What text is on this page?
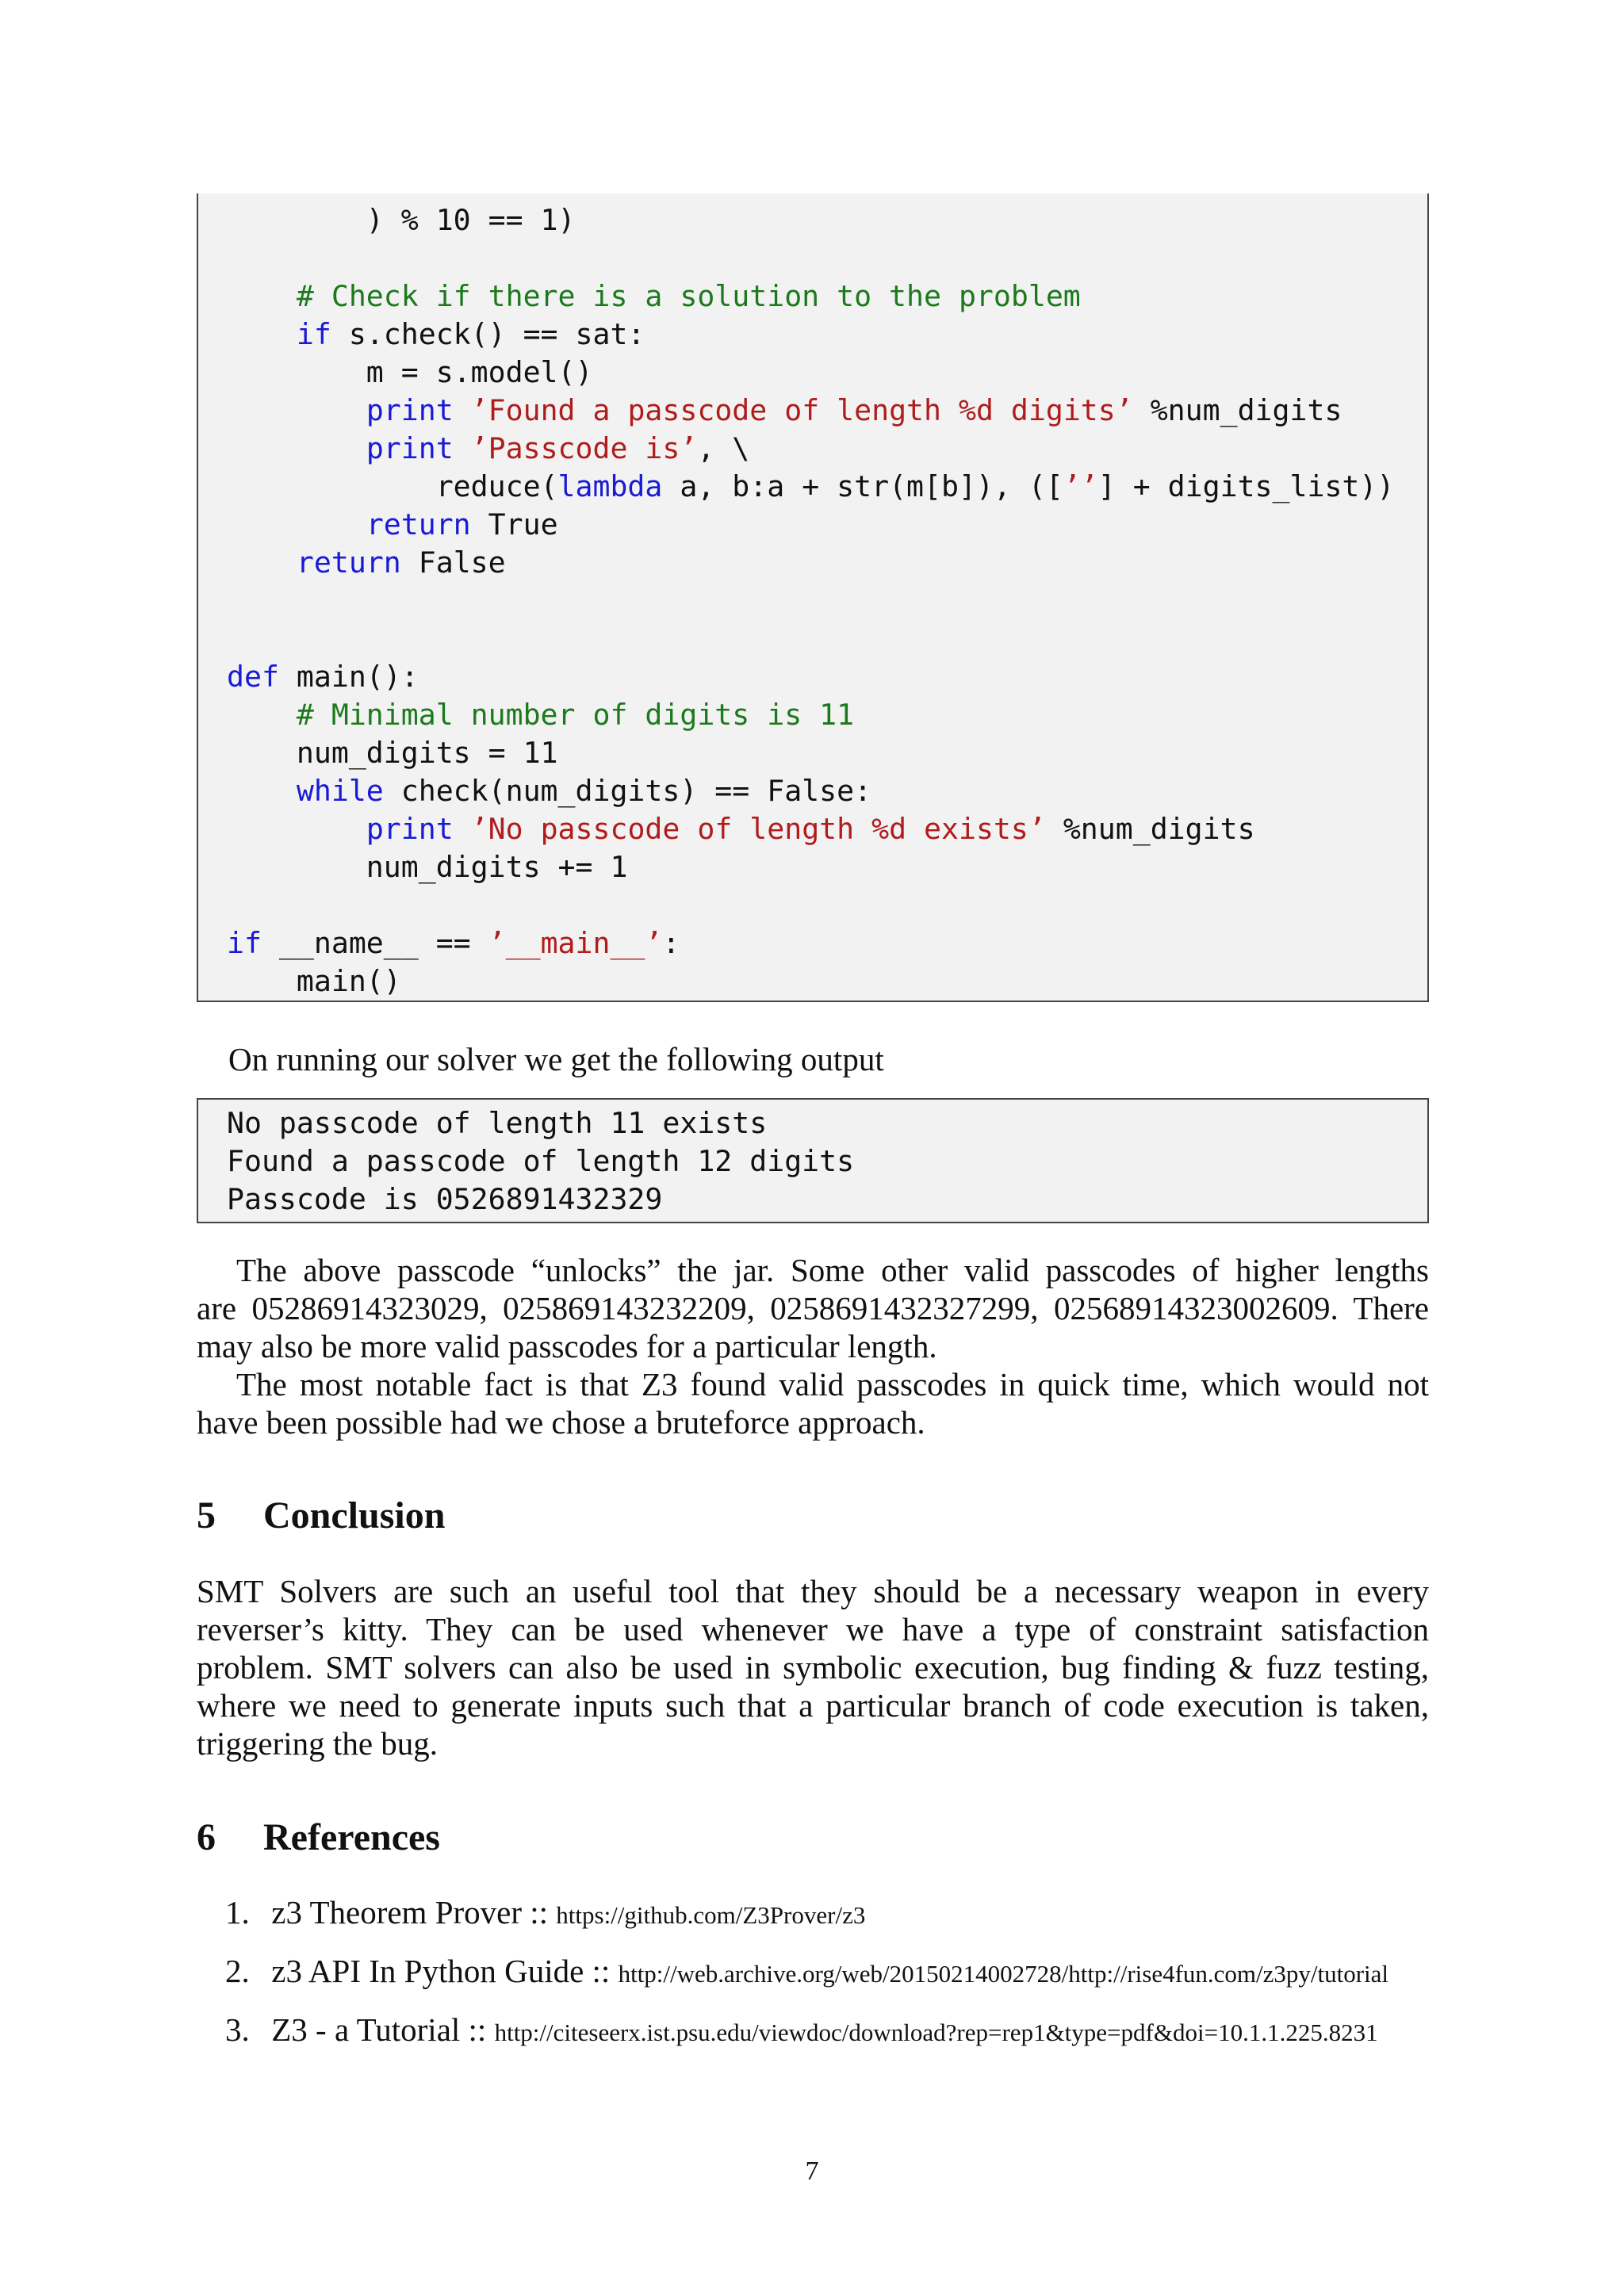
) % 10 == 1)
# Check if there is a solution to the problem
if s.check() == sat:
m = s.model()
print ’Found a passcode of length %d digits’ %num_digits
print ’Passcode is’, \
reduce(lambda a, b:a + str(m[b]), ([’’] + digits_list))
return True
return False
def main():
# Minimal number of digits is 11
num_digits = 11
while check(num_digits) == False:
print ’No passcode of length %d exists’ %num_digits
num_digits += 1
if __name__ == ’__main__’:
main()
On running our solver we get the following output
No passcode of length 11 exists
Found a passcode of length 12 digits
Passcode is 0526891432329
The above passcode “unlocks” the jar. Some other valid passcodes of higher lengths
are 05286914323029, 025869143232209, 0258691432327299, 02568914323002609. There
may also be more valid passcodes for a particular length.
The most notable fact is that Z3 found valid passcodes in quick time, which would not
have been possible had we chose a bruteforce approach.
5 Conclusion
SMT Solvers are such an useful tool that they should be a necessary weapon in every
reverser’s kitty. They can be used whenever we have a type of constraint satisfaction
problem. SMT solvers can also be used in symbolic execution, bug finding & fuzz testing,
where we need to generate inputs such that a particular branch of code execution is taken,
triggering the bug.
6 References
1. z3 Theorem Prover :: https://github.com/Z3Prover/z3
2. z3 API In Python Guide :: http://web.archive.org/web/20150214002728/http://rise4fun.com/z3py/tutorial
3. Z3 - a Tutorial :: http://citeseerx.ist.psu.edu/viewdoc/download?rep=rep1&type=pdf&doi=10.1.1.225.8231
7
